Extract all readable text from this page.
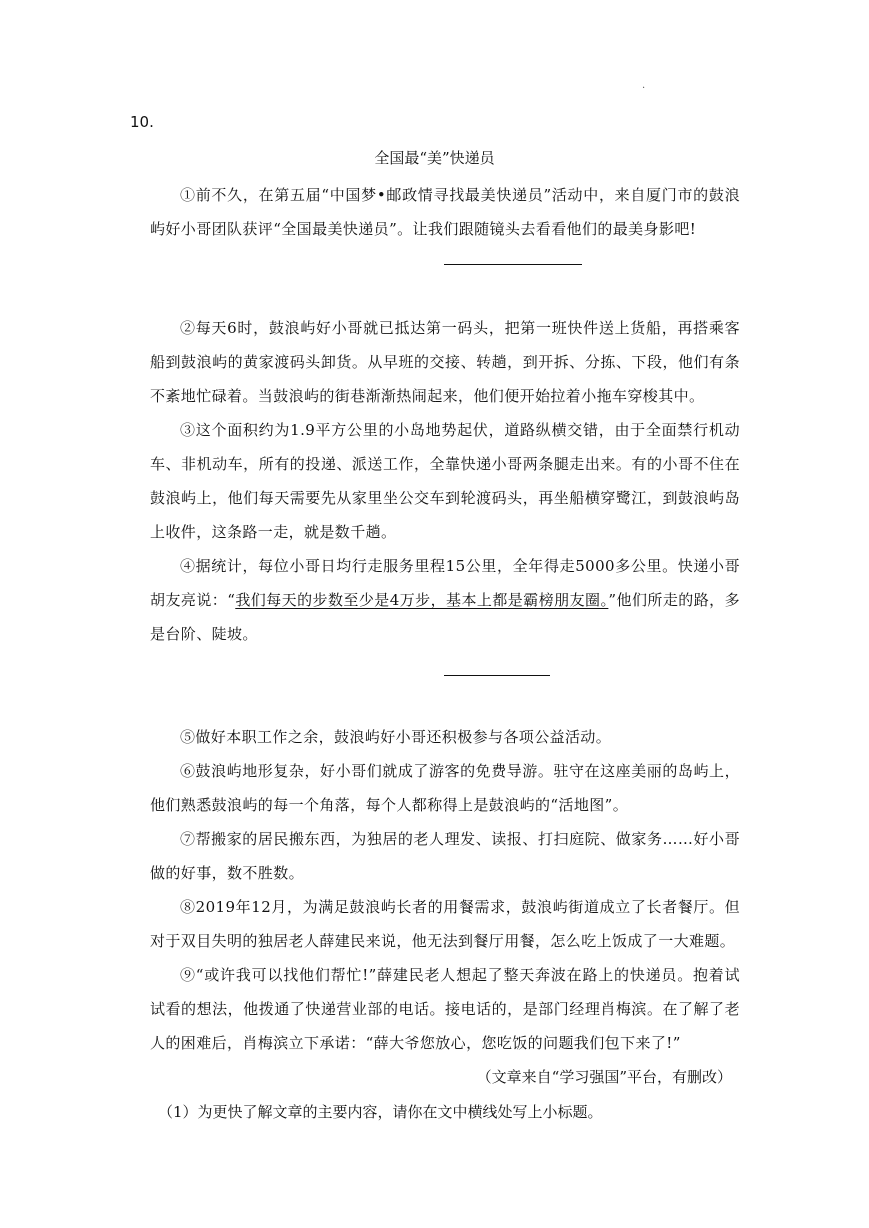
.
10.
全国最“美”快递员
①前不久，在第五届“中国梦•邮政情寻找最美快递员”活动中，来自厦门市的鼓浪屿好小哥团队获评“全国最美快递员”。让我们跟随镜头去看看他们的最美身影吧!
②每天6时，鼓浪屿好小哥就已抵达第一码头，把第一班快件送上货船，再搭乘客船到鼓浪屿的黄家渡码头卸货。从早班的交接、转趟，到开拆、分拣、下段，他们有条不紊地忙碌着。当鼓浪屿的街巷渐渐热闹起来，他们便开始拉着小拖车穿梭其中。
③这个面积约为1.9平方公里的小岛地势起伏，道路纵横交错，由于全面禁行机动车、非机动车，所有的投递、派送工作，全靠快递小哥两条腿走出来。有的小哥不住在鼓浪屿上，他们每天需要先从家里坐公交车到轮渡码头，再坐船横穿鹭江，到鼓浪屿岛上收件，这条路一走，就是数千趟。
④据统计，每位小哥日均行走服务里程15公里，全年得走5000多公里。快递小哥胡友亮说：“我们每天的步数至少是4万步，基本上都是霸榜朋友圈。”他们所走的路，多是台阶、陡坡。
⑤做好本职工作之余，鼓浪屿好小哥还积极参与各项公益活动。
⑥鼓浪屿地形复杂，好小哥们就成了游客的免费导游。驻守在这座美丽的岛屿上，他们熟悉鼓浪屿的每一个角落，每个人都称得上是鼓浪屿的“活地图”。
⑦帮搬家的居民搬东西，为独居的老人理发、读报、打扫庭院、做家务……好小哥做的好事，数不胜数。
⑧2019年12月，为满足鼓浪屿长者的用餐需求，鼓浪屿街道成立了长者餐厅。但对于双目失明的独居老人薛建民来说，他无法到餐厅用餐，怎么吃上饭成了一大难题。
⑨“或许我可以找他们帮忙!”薛建民老人想起了整天奔波在路上的快递员。抱着试试看的想法，他拨通了快递营业部的电话。接电话的，是部门经理肖梅滨。在了解了老人的困难后，肖梅滨立下承诺：“薛大爷您放心，您吃饭的问题我们包下来了!”
（文章来自“学习强国”平台，有删改）
（1）为更快了解文章的主要内容，请你在文中横线处写上小标题。
